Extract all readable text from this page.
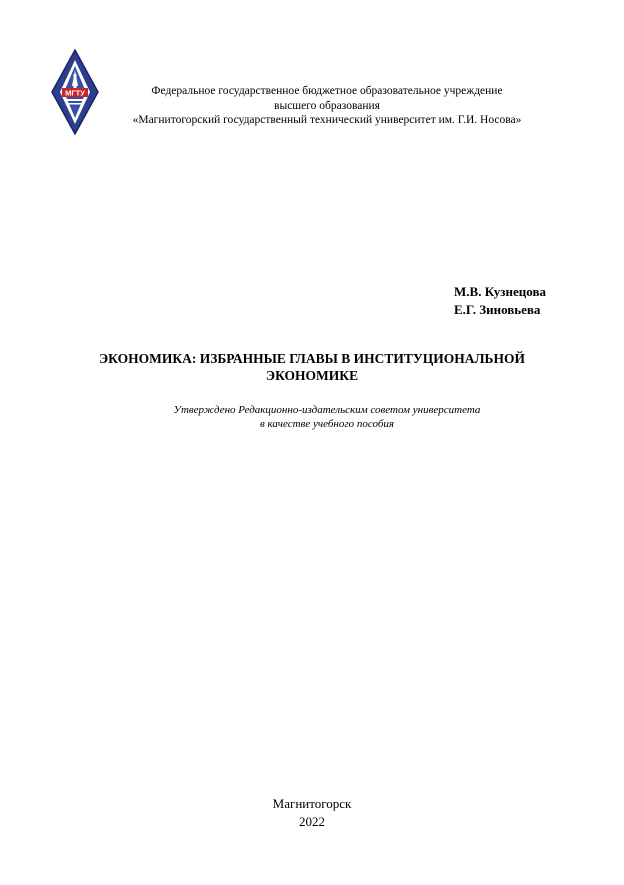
МГТУ	Федеральное государственное бюджетное образовательное учреждение
высшего образования
«Магнитогорский государственный технический университет им. Г.И. Носова»
М.В. Кузнецова
Е.Г. Зиновьева
ЭКОНОМИКА: ИЗБРАННЫЕ ГЛАВЫ В ИНСТИТУЦИОНАЛЬНОЙ
ЭКОНОМИКЕ
Утверждено Редакционно-издательским советом университета
в качестве учебного пособия
Магнитогорск
2022
